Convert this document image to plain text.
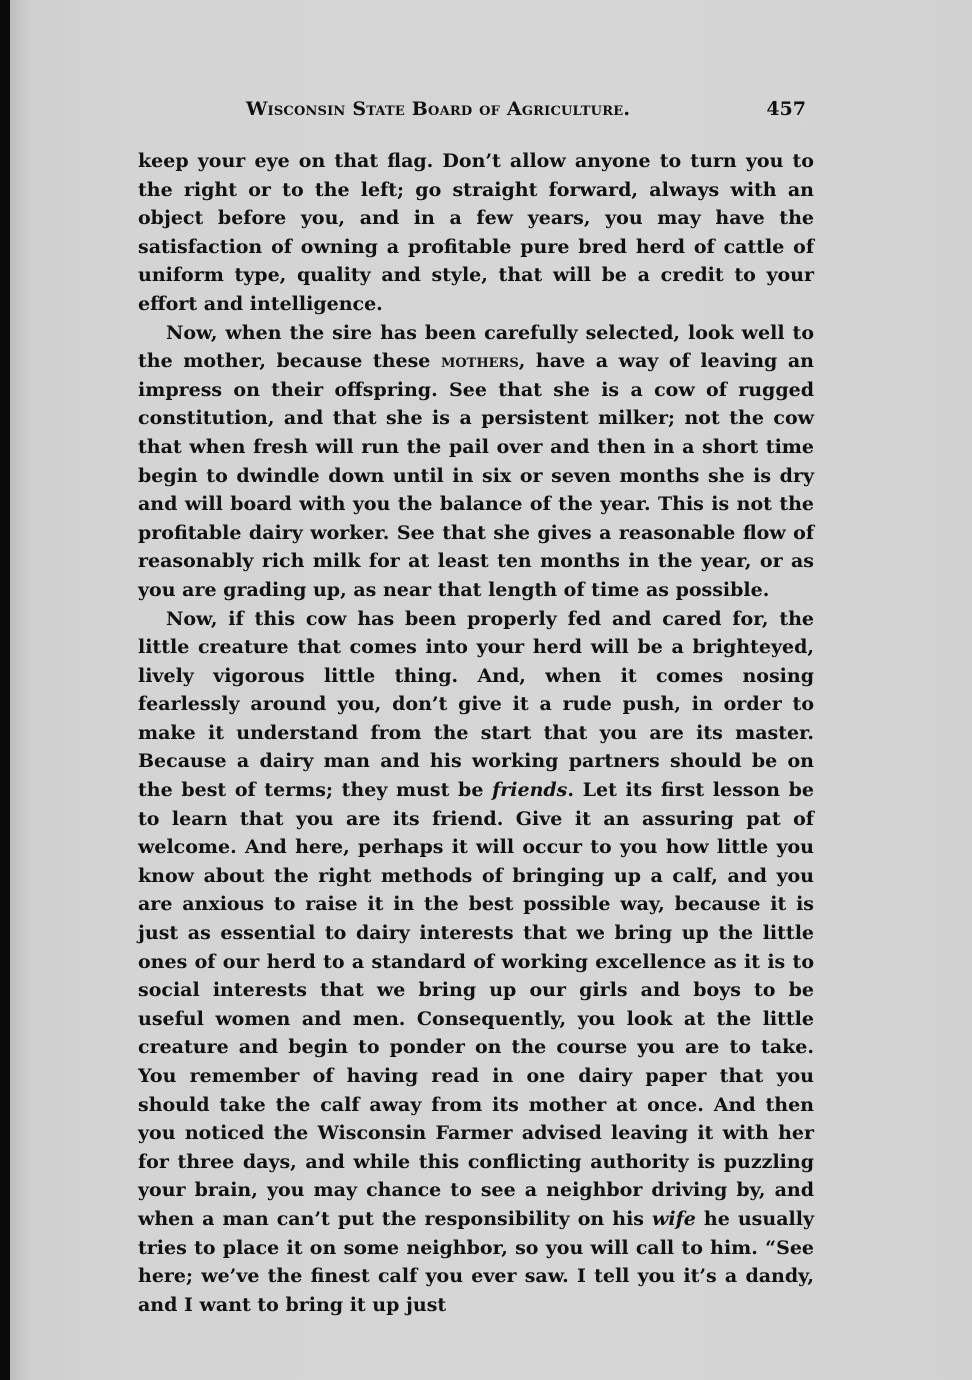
Wisconsin State Board of Agriculture.	457

keep your eye on that flag. Don’t allow anyone to turn you to the right or to the left; go straight forward, always with an object before you, and in a few years, you may have the satisfaction of owning a profitable pure bred herd of cattle of uniform type, quality and style, that will be a credit to your effort and intelligence.

Now, when the sire has been carefully selected, look well to the mother, because these mothers, have a way of leaving an impress on their offspring. See that she is a cow of rugged constitution, and that she is a persistent milker; not the cow that when fresh will run the pail over and then in a short time begin to dwindle down until in six or seven months she is dry and will board with you the balance of the year. This is not the profitable dairy worker. See that she gives a reasonable flow of reasonably rich milk for at least ten months in the year, or as you are grading up, as near that length of time as possible.

Now, if this cow has been properly fed and cared for, the little creature that comes into your herd will be a brighteyed, lively vigorous little thing. And, when it comes nosing fearlessly around you, don’t give it a rude push, in order to make it understand from the start that you are its master. Because a dairy man and his working partners should be on the best of terms; they must be friends. Let its first lesson be to learn that you are its friend. Give it an assuring pat of welcome. And here, perhaps it will occur to you how little you know about the right methods of bringing up a calf, and you are anxious to raise it in the best possible way, because it is just as essential to dairy interests that we bring up the little ones of our herd to a standard of working excellence as it is to social interests that we bring up our girls and boys to be useful women and men. Consequently, you look at the little creature and begin to ponder on the course you are to take. You remember of having read in one dairy paper that you should take the calf away from its mother at once. And then you noticed the Wisconsin Farmer advised leaving it with her for three days, and while this conflicting authority is puzzling your brain, you may chance to see a neighbor driving by, and when a man can’t put the responsibility on his wife he usually tries to place it on some neighbor, so you will call to him. “See here; we’ve the finest calf you ever saw. I tell you it’s a dandy, and I want to bring it up just
